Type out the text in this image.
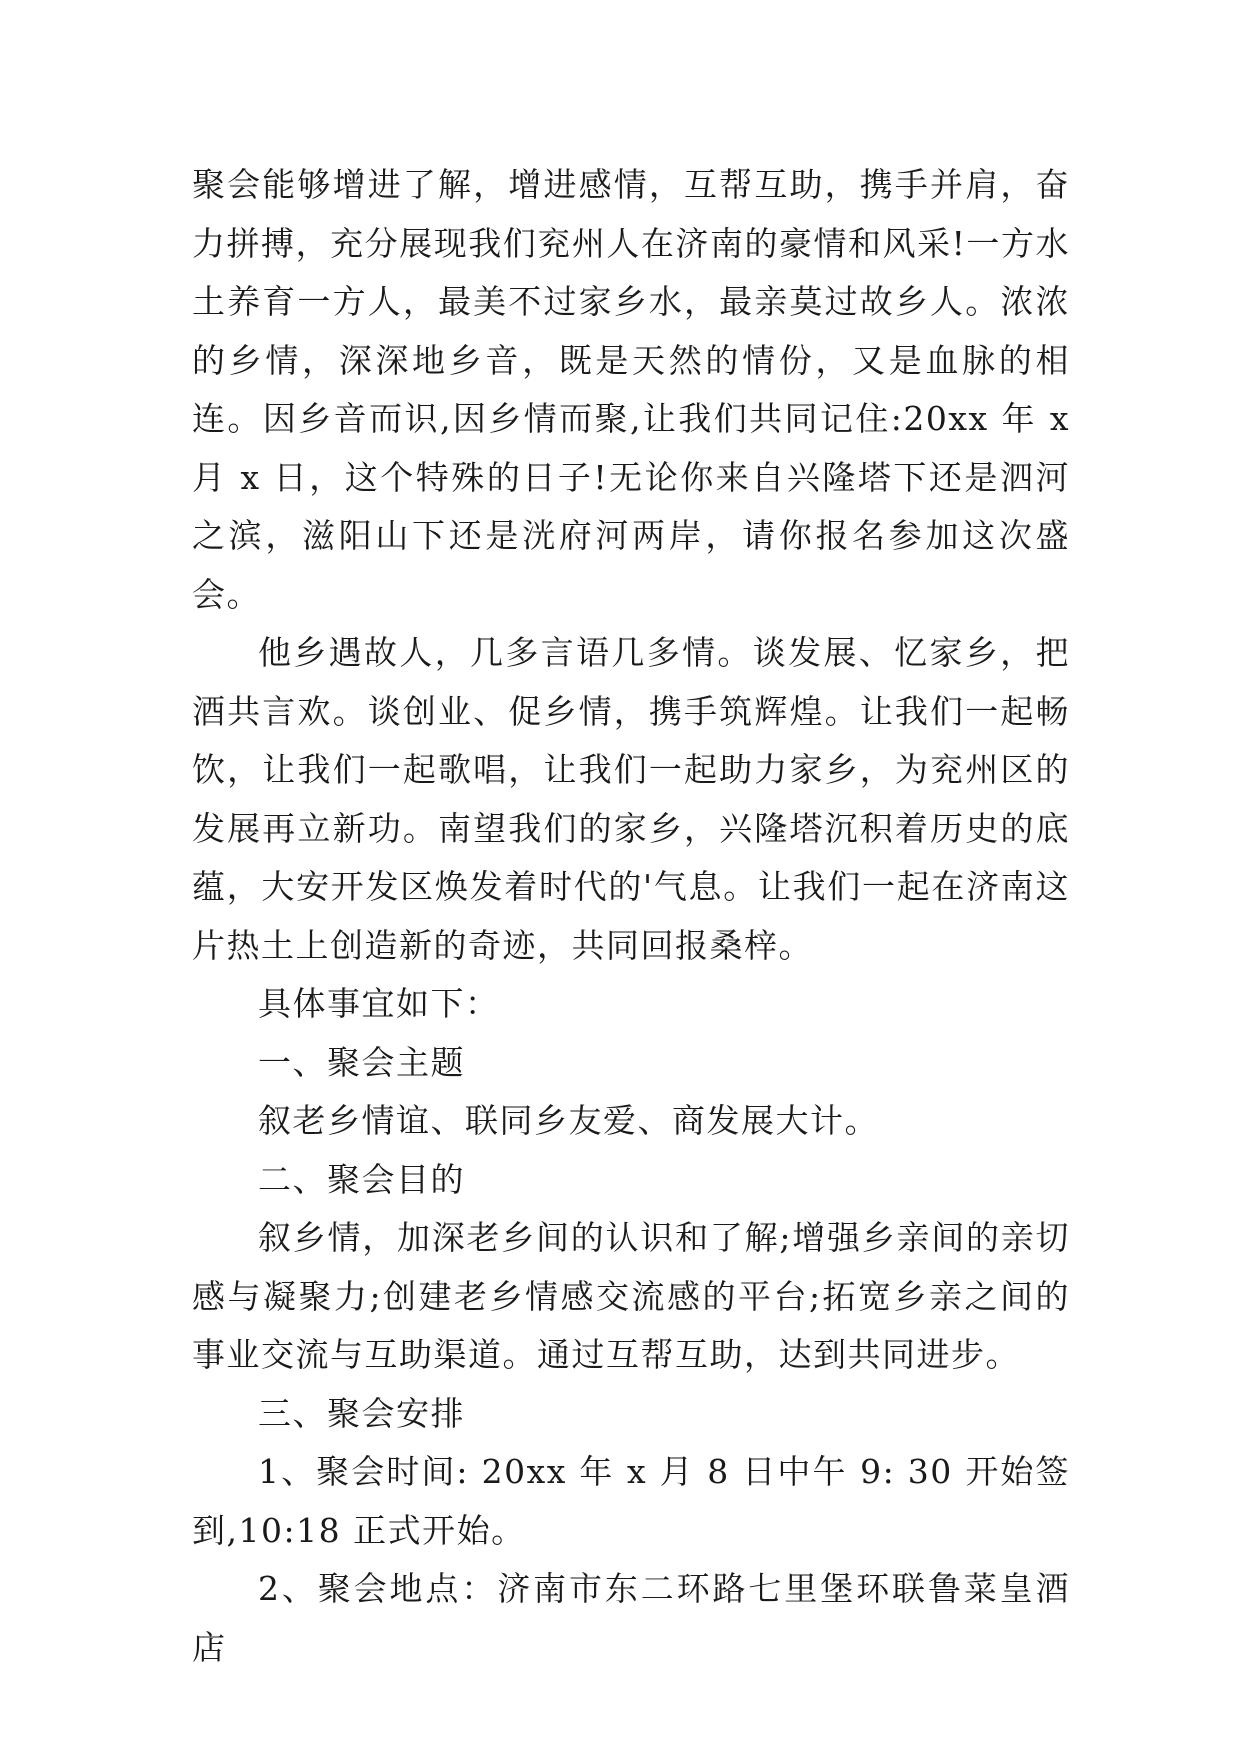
聚会能够增进了解，增进感情，互帮互助，携手并肩，奋力拼搏，充分展现我们兖州人在济南的豪情和风采!一方水土养育一方人，最美不过家乡水，最亲莫过故乡人。浓浓的乡情，深深地乡音，既是天然的情份，又是血脉的相连。因乡音而识,因乡情而聚,让我们共同记住:20xx 年 x 月 x 日，这个特殊的日子!无论你来自兴隆塔下还是泗河之滨，滋阳山下还是洸府河两岸，请你报名参加这次盛会。

他乡遇故人，几多言语几多情。谈发展、忆家乡，把酒共言欢。谈创业、促乡情，携手筑辉煌。让我们一起畅饮，让我们一起歌唱，让我们一起助力家乡，为兖州区的发展再立新功。南望我们的家乡，兴隆塔沉积着历史的底蕴，大安开发区焕发着时代的'气息。让我们一起在济南这片热土上创造新的奇迹，共同回报桑梓。

具体事宜如下：

一、聚会主题

叙老乡情谊、联同乡友爱、商发展大计。

二、聚会目的

叙乡情，加深老乡间的认识和了解;增强乡亲间的亲切感与凝聚力;创建老乡情感交流感的平台;拓宽乡亲之间的事业交流与互助渠道。通过互帮互助，达到共同进步。

三、聚会安排

1、聚会时间: 20xx 年 x 月 8 日中午 9: 30 开始签到,10:18 正式开始。

2、聚会地点：济南市东二环路七里堡环联鲁菜皇酒店
